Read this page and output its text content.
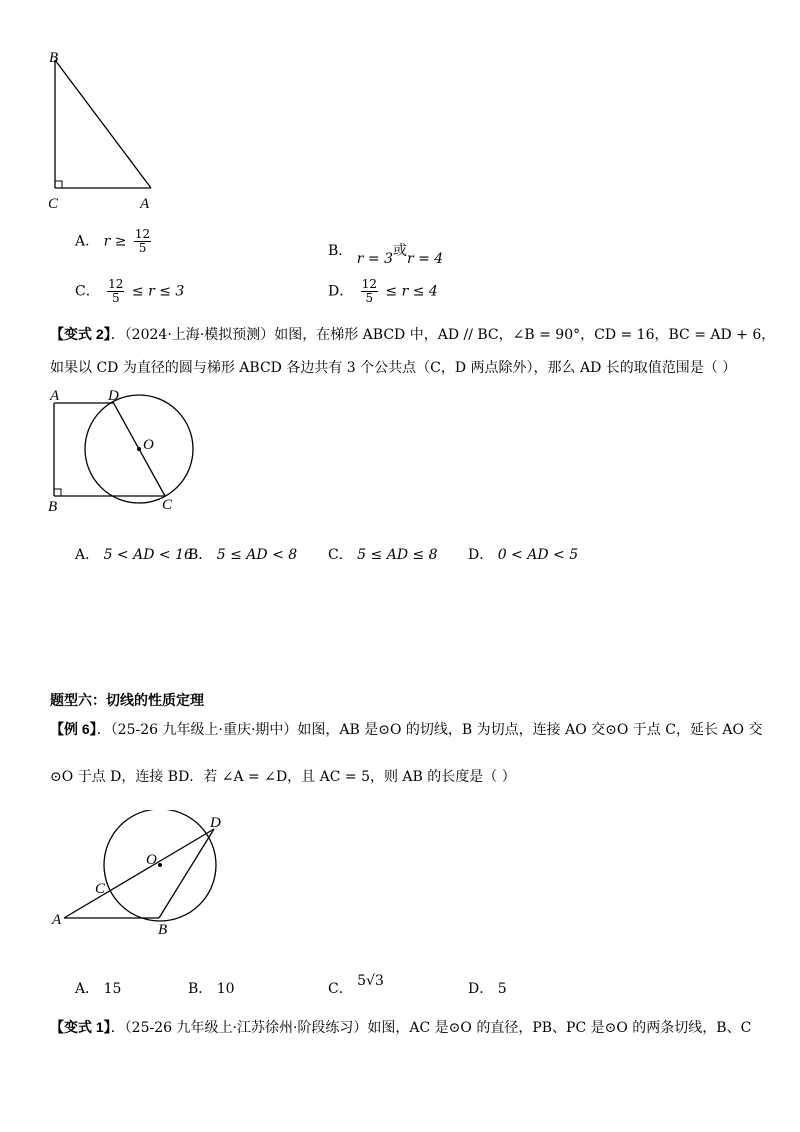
B
C	A
A． $r \ge \frac{12}{5}$	B． r = 3或r = 4
C． $\frac{12}{5} \le r \le 3$	D． $\frac{12}{5} \le r \le 4$
【变式 2】．（2024·上海·模拟预测）如图，在梯形 ABCD 中，AD // BC，∠B = 90°，CD = 16，BC = AD + 6，
如果以 CD 为直径的圆与梯形 ABCD 各边共有 3 个公共点（C，D 两点除外），那么 AD 长的取值范围是（ ）
A	D
O
B	C
A． 5 < AD < 16
B． 5 ≤ AD < 8 C． 5 ≤ AD ≤ 8 D． 0 < AD < 5
题型六：切线的性质定理
【例 6】．（25-26 九年级上·重庆·期中）如图，AB 是⊙O 的切线，B 为切点，连接 AO 交⊙O 于点 C，延长 AO 交
⊙O 于点 D，连接 BD．若 ∠A = ∠D，且 AC = 5，则 AB 的长度是（ ）
D
O
C
A
B
A． 15	B． 10	C． 5√3	D． 5
【变式 1】．（25-26 九年级上·江苏徐州·阶段练习）如图，AC 是⊙O 的直径，PB、PC 是⊙O 的两条切线，B、C
